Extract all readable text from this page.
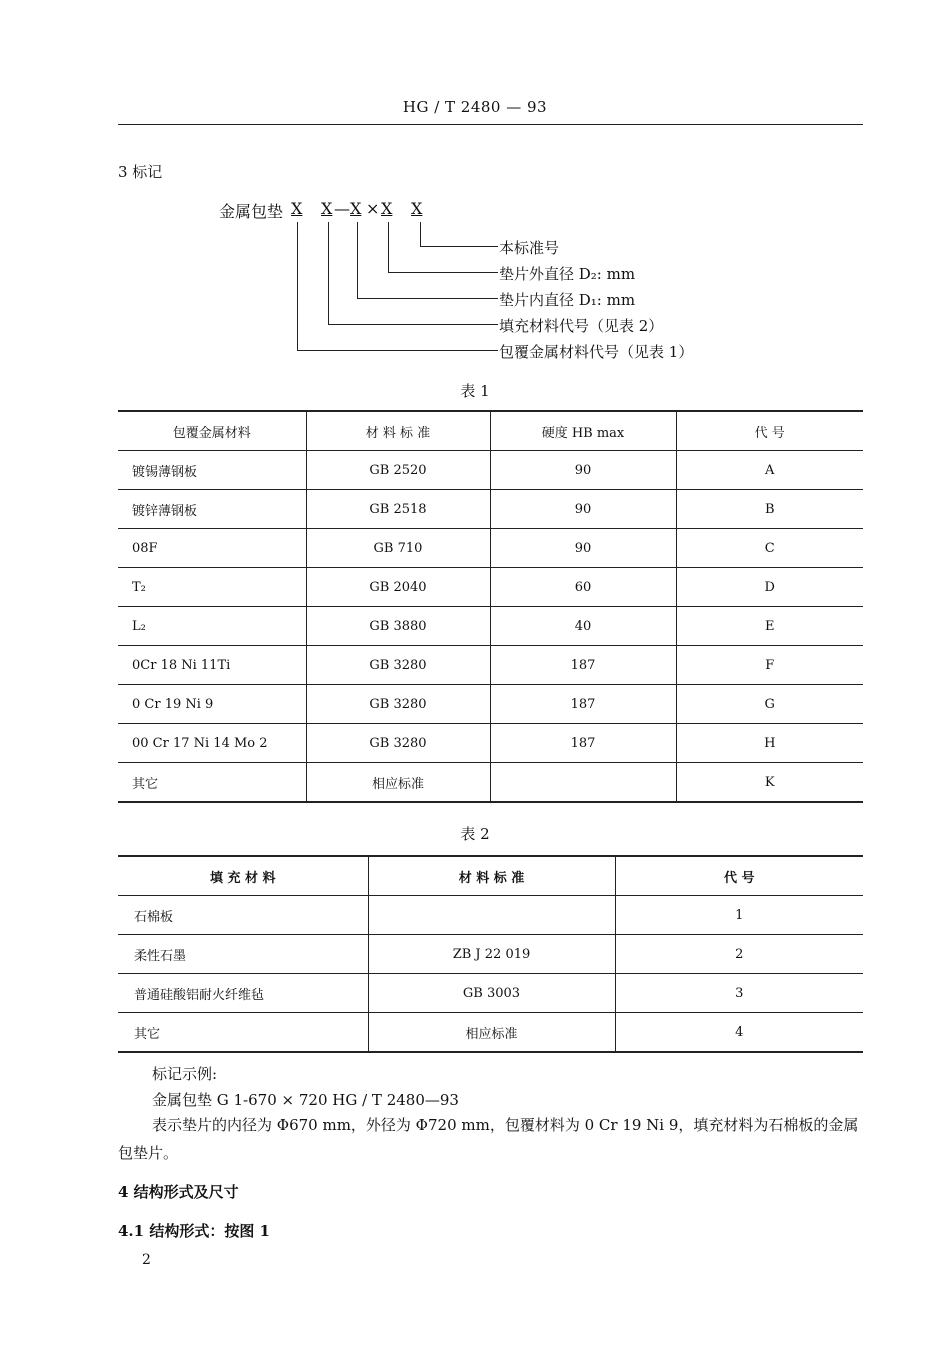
HG / T 2480 — 93
3 标记
金属包垫 X X — X × X X
本标准号
垫片外直径 D₂: mm
垫片内直径 D₁: mm
填充材料代号（见表 2）
包覆金属材料代号（见表 1）
表 1
包覆金属材料	材 料 标 准	硬度 HB max	代 号
镀锡薄钢板	GB 2520	90	A
镀锌薄钢板	GB 2518	90	B
08F	GB 710	90	C
T₂	GB 2040	60	D
L₂	GB 3880	40	E
0Cr 18 Ni 11Ti	GB 3280	187	F
0 Cr 19 Ni 9	GB 3280	187	G
00 Cr 17 Ni 14 Mo 2	GB 3280	187	H
其它	相应标准		K
表 2
填 充 材 料	材 料 标 准	代 号
石棉板		1
柔性石墨	ZB J 22 019	2
普通硅酸铝耐火纤维毡	GB 3003	3
其它	相应标准	4
标记示例:
金属包垫 G 1-670 × 720 HG / T 2480—93
表示垫片的内径为 Φ670 mm，外径为 Φ720 mm，包覆材料为 0 Cr 19 Ni 9，填充材料为石棉板的金属包垫片。
4 结构形式及尺寸
4.1 结构形式：按图 1
2
